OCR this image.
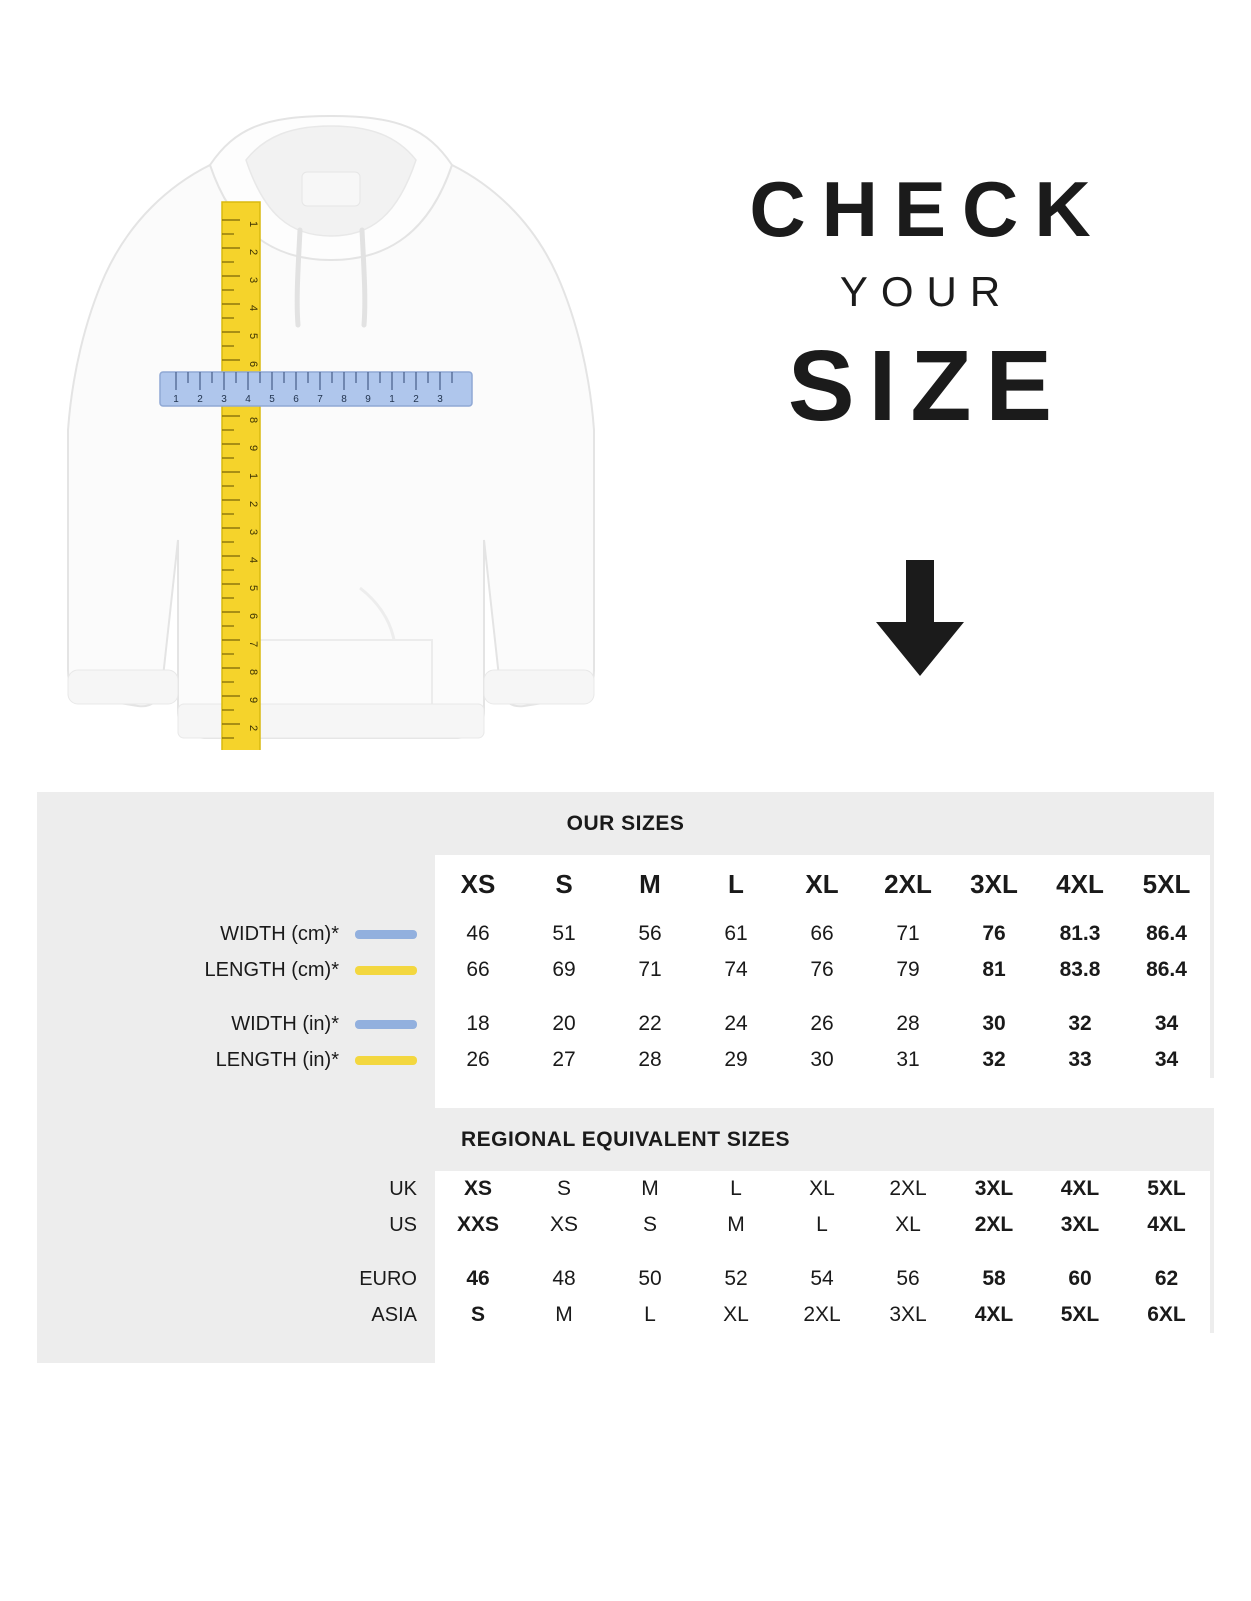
1
2
3
4
5
6
8
9
1
2
3
4
5
6
7
8
9
2
1 2 3 4 5 6 7 8 9 1 2 3
CHECK
YOUR
SIZE
OUR SIZES
XS	S	M	L	XL	2XL	3XL	4XL	5XL
WIDTH (cm)*	46	51	56	61	66	71	76	81.3	86.4
LENGTH (cm)*	66	69	71	74	76	79	81	83.8	86.4
WIDTH (in)*	18	20	22	24	26	28	30	32	34
LENGTH (in)*	26	27	28	29	30	31	32	33	34
REGIONAL EQUIVALENT SIZES
UK	XS	S	M	L	XL	2XL	3XL	4XL	5XL
US	XXS	XS	S	M	L	XL	2XL	3XL	4XL
EURO	46	48	50	52	54	56	58	60	62
ASIA	S	M	L	XL	2XL	3XL	4XL	5XL	6XL
